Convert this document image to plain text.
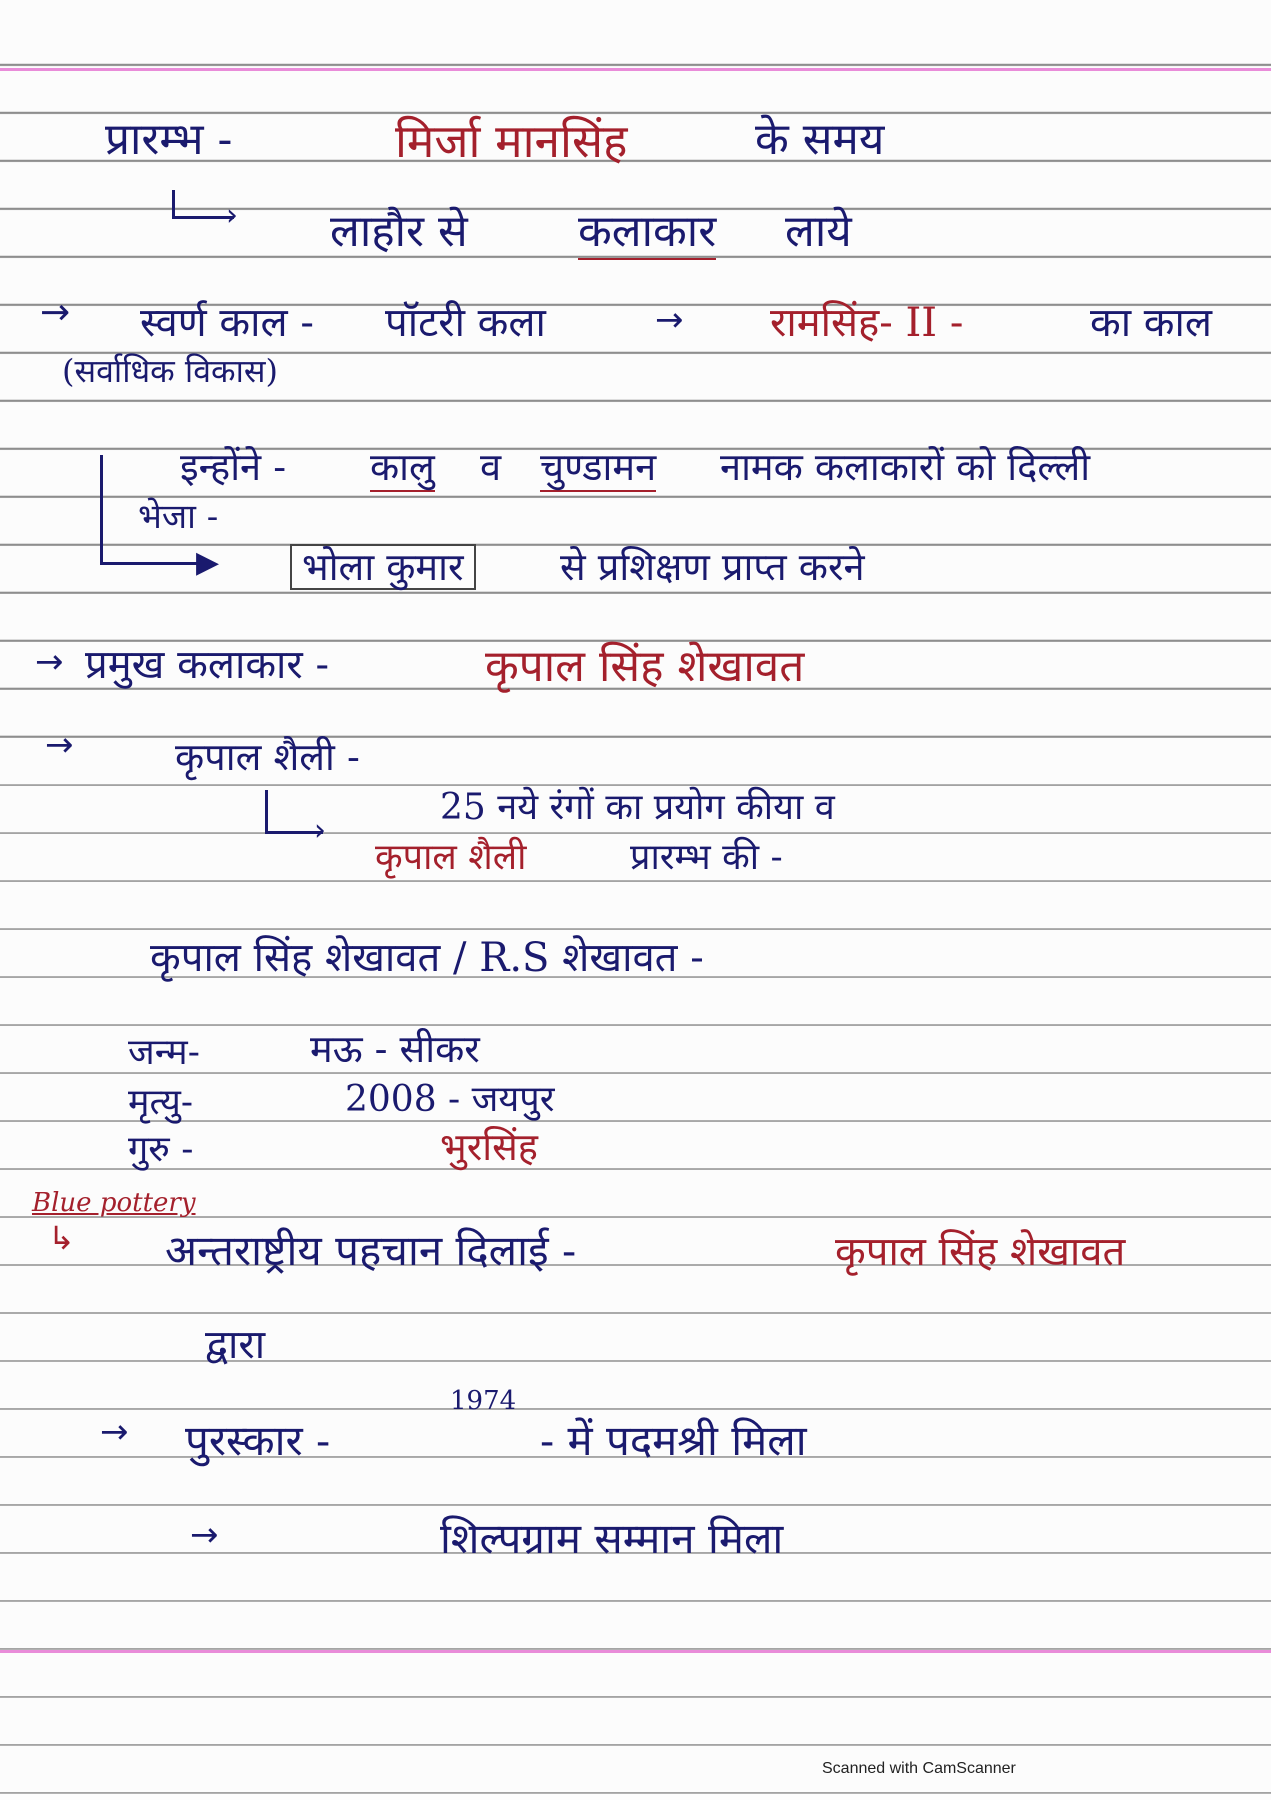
प्रारम्भ -	मिर्जा मानसिंह	के समय
› लाहौर से	कलाकार लाये
→ स्वर्ण काल - पॉटरी कला	→ रामसिंह- II -	का काल
(सर्वाधिक विकास)
▶
इन्होंने - कालु व चुण्डामन नामक कलाकारों को दिल्ली
भेजा -
भोला कुमार	से प्रशिक्षण प्राप्त करने
→ प्रमुख कलाकार -	कृपाल सिंह शेखावत
→	कृपाल शैली -
›
25 नये रंगों का प्रयोग कीया व
कृपाल शैली	प्रारम्भ की -
कृपाल सिंह शेखावत / R.S शेखावत -
जन्म-	मऊ - सीकर
मृत्यु-	2008 - जयपुर
गुरु -	भुरसिंह
Blue pottery
↳ अन्तराष्ट्रीय पहचान दिलाई -	कृपाल सिंह शेखावत
द्वारा
→ पुरस्कार -
1974
- में पदमश्री मिला
→	शिल्पग्राम सम्मान मिला
Scanned with CamScanner
